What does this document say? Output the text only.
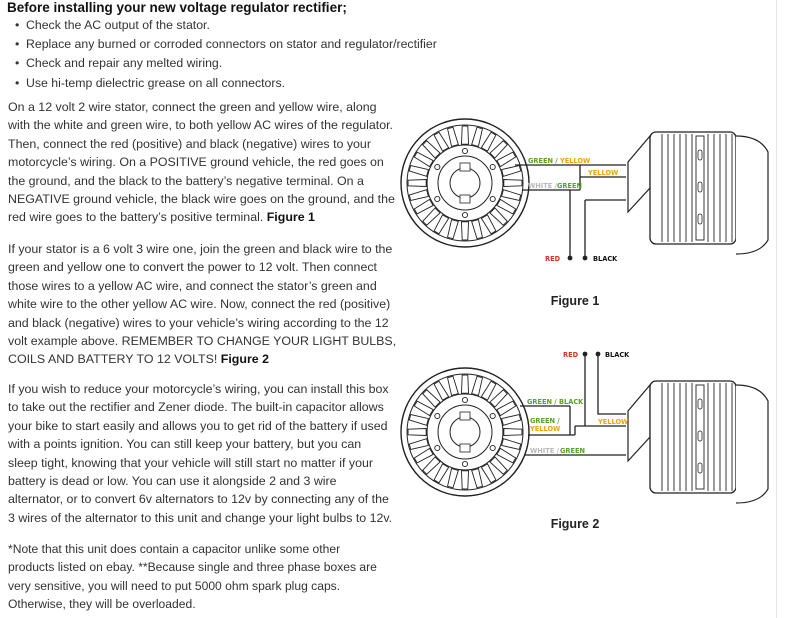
Before installing your new voltage regulator rectifier;
• Check the AC output of the stator.
• Replace any burned or corroded connectors on stator and regulator/rectifier
• Check and repair any melted wiring.
• Use hi-temp dielectric grease on all connectors.

On a 12 volt 2 wire stator, connect the green and yellow wire, along
with the white and green wire, to both yellow AC wires of the regulator.
Then, connect the red (positive) and black (negative) wires to your
motorcycle’s wiring. On a POSITIVE ground vehicle, the red goes on
the ground, and the black to the battery’s negative terminal. On a
NEGATIVE ground vehicle, the black wire goes on the ground, and the
red wire goes to the battery’s positive terminal. Figure 1

If your stator is a 6 volt 3 wire one, join the green and black wire to the
green and yellow one to convert the power to 12 volt. Then connect
those wires to a yellow AC wire, and connect the stator’s green and
white wire to the other yellow AC wire. Now, connect the red (positive)
and black (negative) wires to your vehicle’s wiring according to the 12
volt example above. REMEMBER TO CHANGE YOUR LIGHT BULBS,
COILS AND BATTERY TO 12 VOLTS! Figure 2

If you wish to reduce your motorcycle’s wiring, you can install this box
to take out the rectifier and Zener diode. The built-in capacitor allows
your bike to start easily and allows you to get rid of the battery if used
with a points ignition. You can still keep your battery, but you can
sleep tight, knowing that your vehicle will still start no matter if your
battery is dead or low. You can use it alongside 2 and 3 wire
alternator, or to convert 6v alternators to 12v by connecting any of the
3 wires of the alternator to this unit and change your light bulbs to 12v.

*Note that this unit does contain a capacitor unlike some other
products listed on ebay. **Because single and three phase boxes are
very sensitive, you will need to put 5000 ohm spark plug caps.
Otherwise, they will be overloaded.

GREEN / YELLOW
YELLOW
WHITE / GREEN
RED	BLACK
RED	BLACK
GREEN / BLACK
GREEN /
YELLOW
YELLOW
WHITE / GREEN
Figure 1
Figure 2
